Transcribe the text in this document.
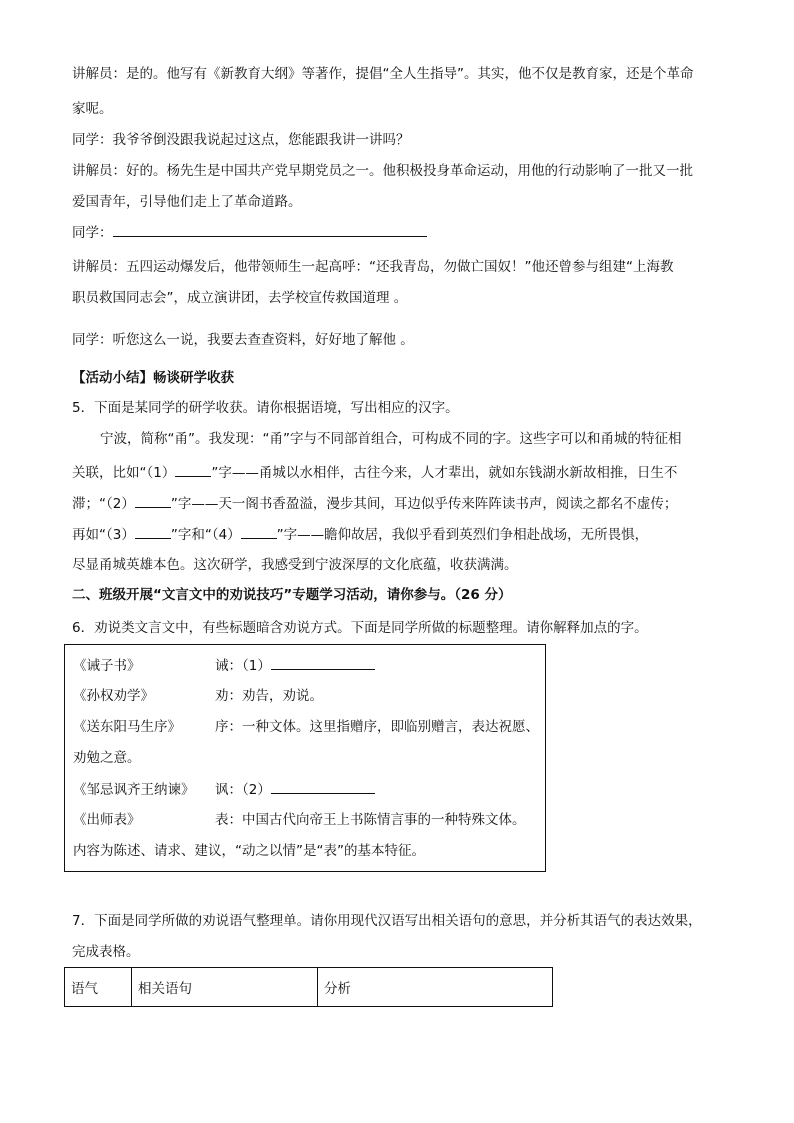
讲解员：是的。他写有《新教育大纲》等著作，提倡“全人生指导”。其实，他不仅是教育家，还是个革命
家呢。
同学：我爷爷倒没跟我说起过这点，您能跟我讲一讲吗？
讲解员：好的。杨先生是中国共产党早期党员之一。他积极投身革命运动，用他的行动影响了一批又一批
爱国青年，引导他们走上了革命道路。
同学：
讲解员：五四运动爆发后，他带领师生一起高呼：“还我青岛，勿做亡国奴！”他还曾参与组建“上海教
职员救国同志会”，成立演讲团，去学校宣传救国道理 。
同学：听您这么一说，我要去查查资料，好好地了解他 。
【活动小结】畅谈研学收获
5．下面是某同学的研学收获。请你根据语境，写出相应的汉字。
宁波，简称“甬”。我发现：“甬”字与不同部首组合，可构成不同的字。这些字可以和甬城的特征相
关联，比如“（1）	”字——甬城以水相伴，古往今来，人才辈出，就如东钱湖水新故相推，日生不
滞；“（2）	”字——天一阁书香盈溢，漫步其间，耳边似乎传来阵阵读书声，阅读之都名不虚传；
再如“（3）	”字和“（4）	”字——瞻仰故居，我似乎看到英烈们争相赴战场，无所畏惧，
尽显甬城英雄本色。这次研学，我感受到宁波深厚的文化底蕴，收获满满。
二、班级开展“文言文中的劝说技巧”专题学习活动，请你参与。（26 分）
6．劝说类文言文中，有些标题暗含劝说方式。下面是同学所做的标题整理。请你解释加点的字。
《诫子书》	诫：（1）
《孙权劝学》	劝：劝告，劝说。
《送东阳马生序》	序：一种文体。这里指赠序，即临别赠言，表达祝愿、
劝勉之意。
《邹忌讽齐王纳谏》 讽：（2）
《出师表》	表：中国古代向帝王上书陈情言事的一种特殊文体。
内容为陈述、请求、建议，“动之以情”是“表”的基本特征。
7．下面是同学所做的劝说语气整理单。请你用现代汉语写出相关语句的意思，并分析其语气的表达效果，
完成表格。
语气	相关语句	分析
